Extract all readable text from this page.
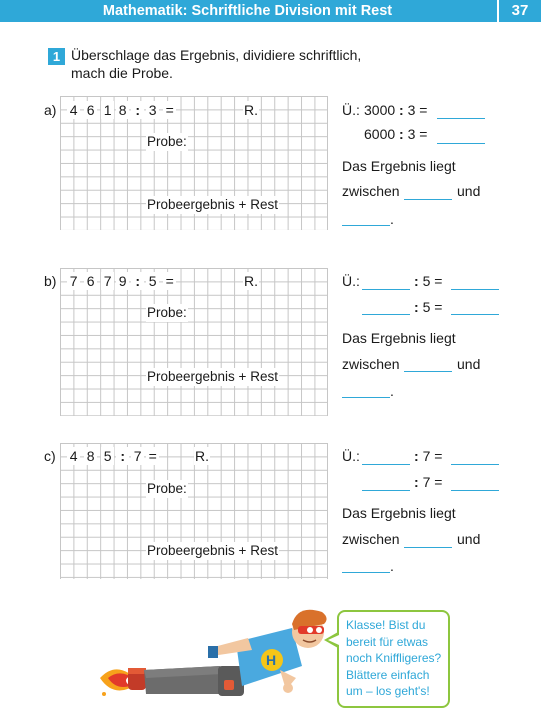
Mathematik: Schriftliche Division mit Rest	37
1 Überschlage das Ergebnis, dividiere schriftlich,
mach die Probe.
a) 4 6 1 8 : 3 =	R.
Probe:
Probeergebnis + Rest
Ü.: 3000 : 3 =
6000 : 3 =
Das Ergebnis liegt
zwischen	und
.
b) 7 6 7 9 : 5 =	R.
Probe:
Probeergebnis + Rest
Ü.:	: 5 =
: 5 =
Das Ergebnis liegt
zwischen	und
.
c) 4 8 5 : 7 =	R.
Probe:
Probeergebnis + Rest
Ü.:	: 7 =
: 7 =
Das Ergebnis liegt
zwischen	und
.
H
Klasse! Bist du
bereit für etwas
noch Kniffligeres?
Blättere einfach
um – los geht's!
